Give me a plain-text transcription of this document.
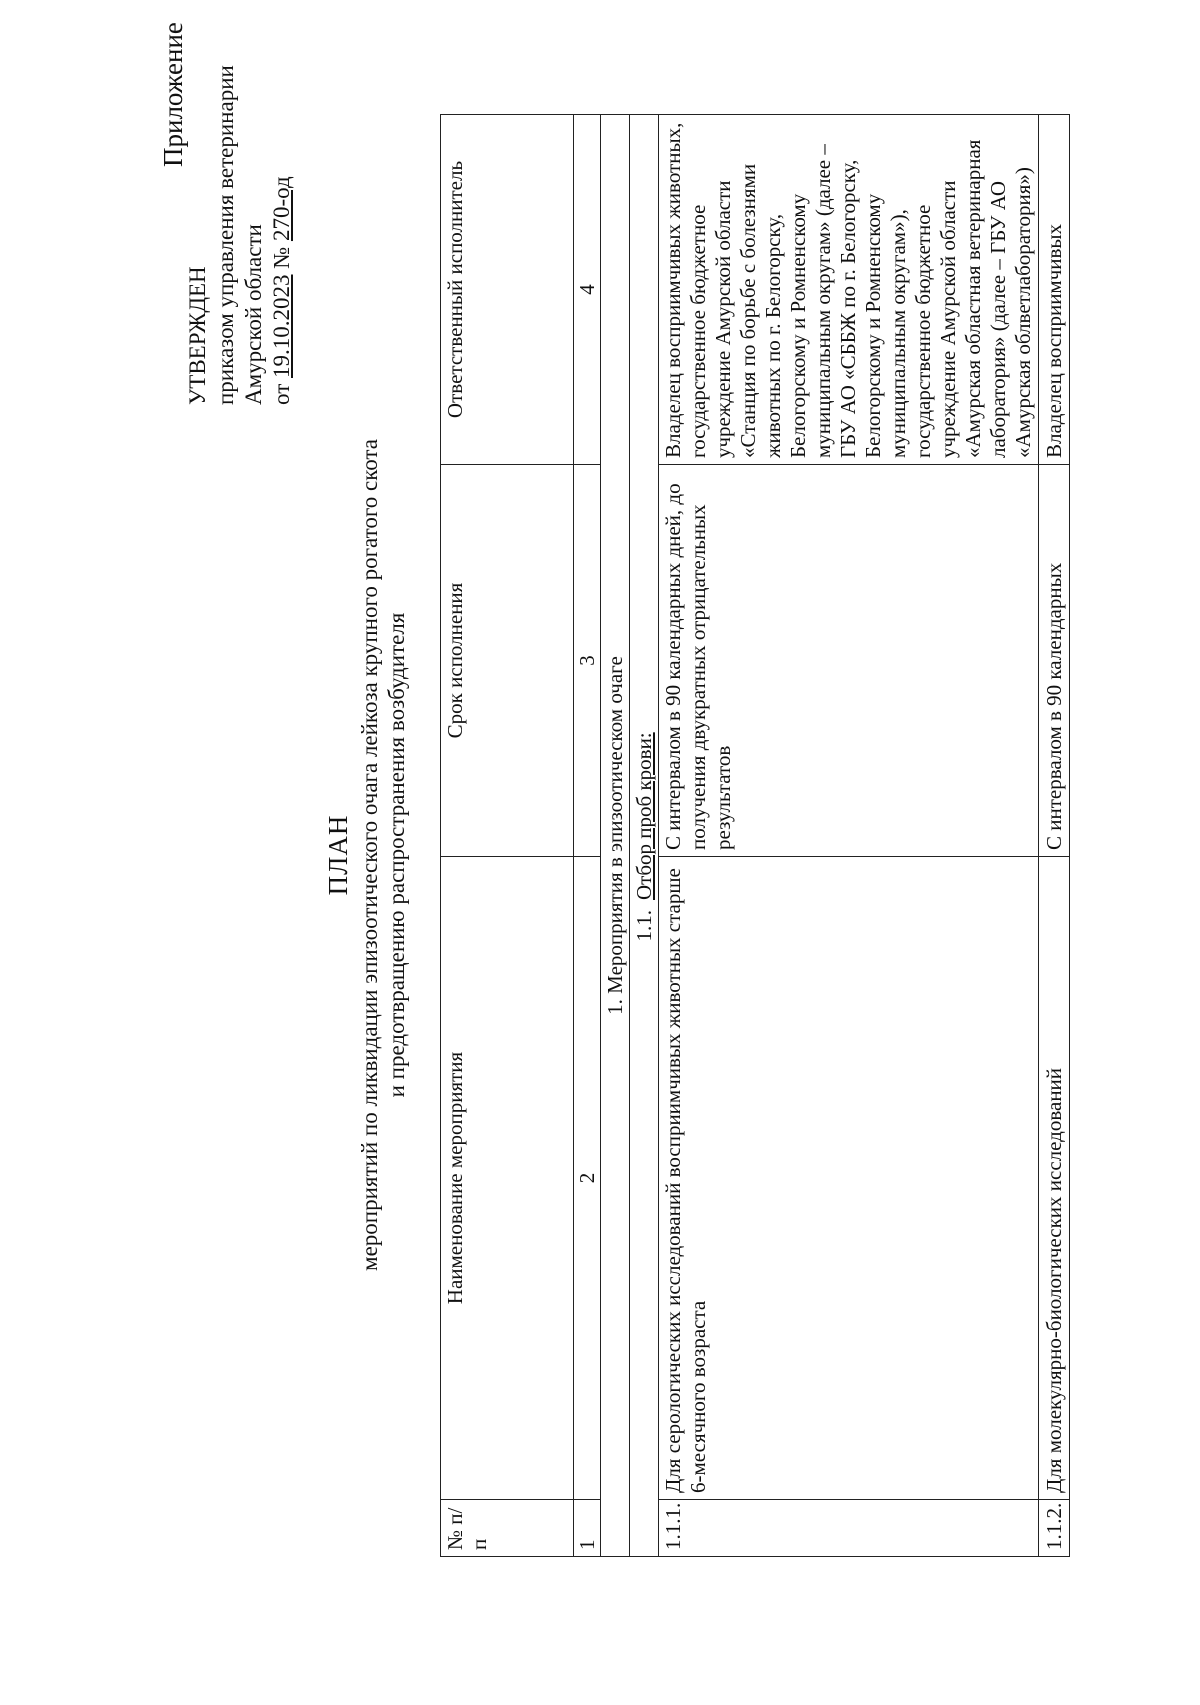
Приложение
УТВЕРЖДЕН приказом управления ветеринарии Амурской области от 19.10.2023 № 270-од
ПЛАН мероприятий по ликвидации эпизоотического очага лейкоза крупного рогатого скота и предотвращению распространения возбудителя
№ п/п	Наименование мероприятия	Срок исполнения	Ответственный исполнитель
1	2	3	4
1. Мероприятия в эпизоотическом очаге			
1.1.Отбор проб крови:			
1.1.1.	Для серологических исследований восприимчивых животных старше 6-месячного возраста	С интервалом в 90 календарных дней, до получения двукратных отрицательных результатов	Владелец восприимчивых животных, государственное бюджетное учреждение Амурской области «Станция по борьбе с болезнями животных по г. Белогорску, Белогорскому и Ромненскому муниципальным округам» (далее – ГБУ АО «СББЖ по г. Белогорску, Белогорскому и Ромненскому муниципальным округам»), государственное бюджетное учреждение Амурской области «Амурская областная ветеринарная лаборатория» (далее – ГБУ АО «Амурская облветлаборатория»)
1.1.2.	Для молекулярно-биологических исследований	С интервалом в 90 календарных	Владелец восприимчивых
